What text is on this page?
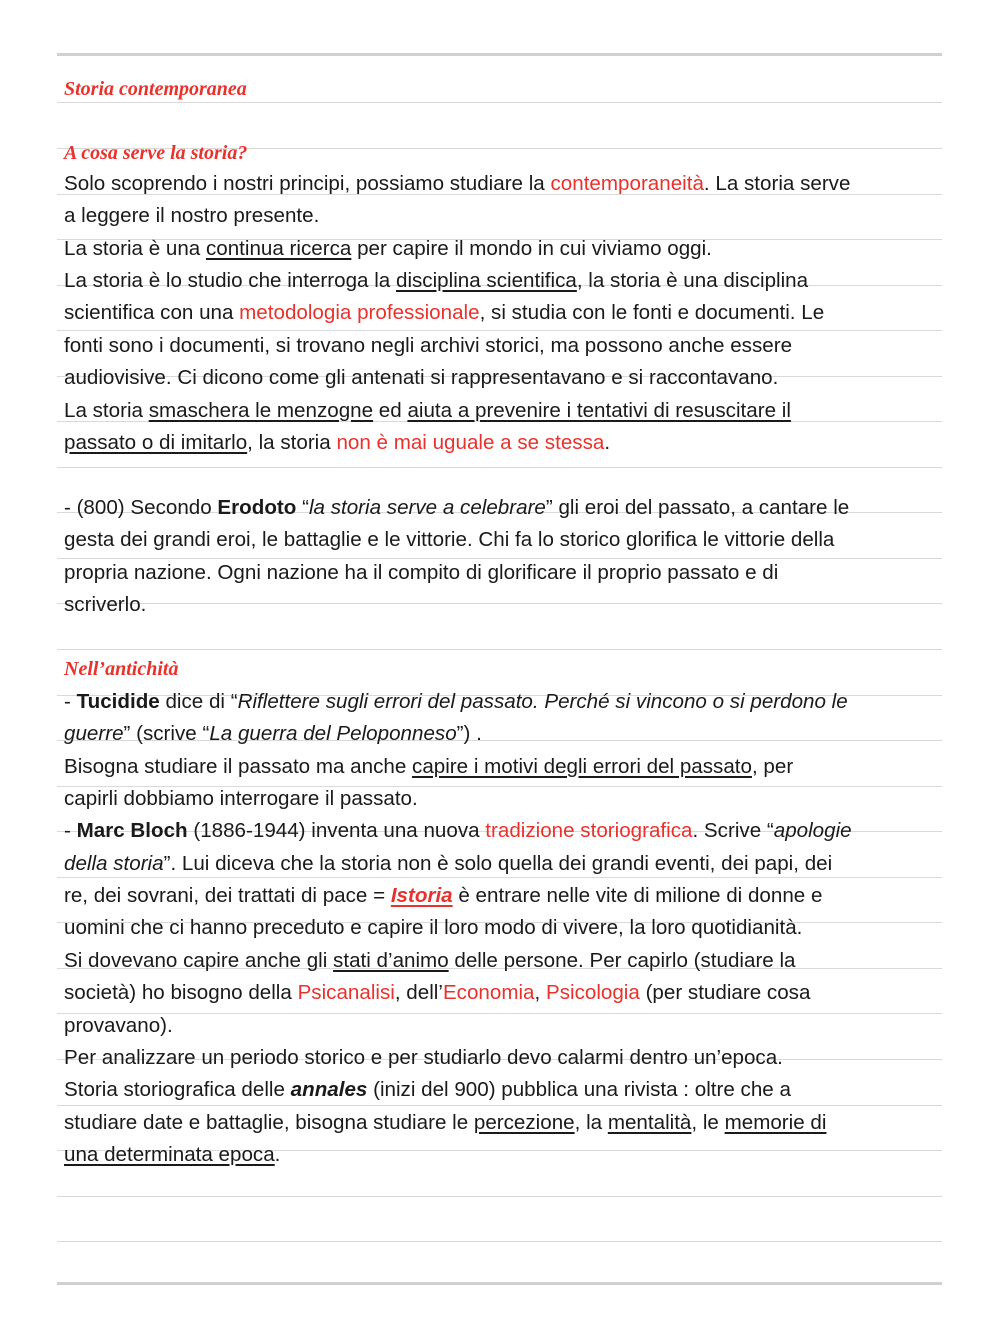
Storia contemporanea
A cosa serve la storia?
Solo scoprendo i nostri principi, possiamo studiare la contemporaneità. La storia serve
a leggere il nostro presente.
La storia è una continua ricerca per capire il mondo in cui viviamo oggi.
La storia è lo studio che interroga la disciplina scientifica, la storia è una disciplina
scientifica con una metodologia professionale, si studia con le fonti e documenti. Le
fonti sono i documenti, si trovano negli archivi storici, ma possono anche essere
audiovisive. Ci dicono come gli antenati si rappresentavano e si raccontavano.
La storia smaschera le menzogne ed aiuta a prevenire i tentativi di resuscitare il
passato o di imitarlo, la storia non è mai uguale a se stessa.
- (800) Secondo Erodoto “la storia serve a celebrare” gli eroi del passato, a cantare le
gesta dei grandi eroi, le battaglie e le vittorie. Chi fa lo storico glorifica le vittorie della
propria nazione. Ogni nazione ha il compito di glorificare il proprio passato e di
scriverlo.
Nell’antichità
- Tucidide dice di “Riflettere sugli errori del passato. Perché si vincono o si perdono le
guerre” (scrive “La guerra del Peloponneso”) .
Bisogna studiare il passato ma anche capire i motivi degli errori del passato, per
capirli dobbiamo interrogare il passato.
- Marc Bloch (1886-1944) inventa una nuova tradizione storiografica. Scrive “apologie
della storia”. Lui diceva che la storia non è solo quella dei grandi eventi, dei papi, dei
re, dei sovrani, dei trattati di pace = Istoria è entrare nelle vite di milione di donne e
uomini che ci hanno preceduto e capire il loro modo di vivere, la loro quotidianità.
Si dovevano capire anche gli stati d’animo delle persone. Per capirlo (studiare la
società) ho bisogno della Psicanalisi, dell’Economia, Psicologia (per studiare cosa
provavano).
Per analizzare un periodo storico e per studiarlo devo calarmi dentro un’epoca.
Storia storiografica delle annales (inizi del 900) pubblica una rivista : oltre che a
studiare date e battaglie, bisogna studiare le percezione, la mentalità, le memorie di
una determinata epoca.
